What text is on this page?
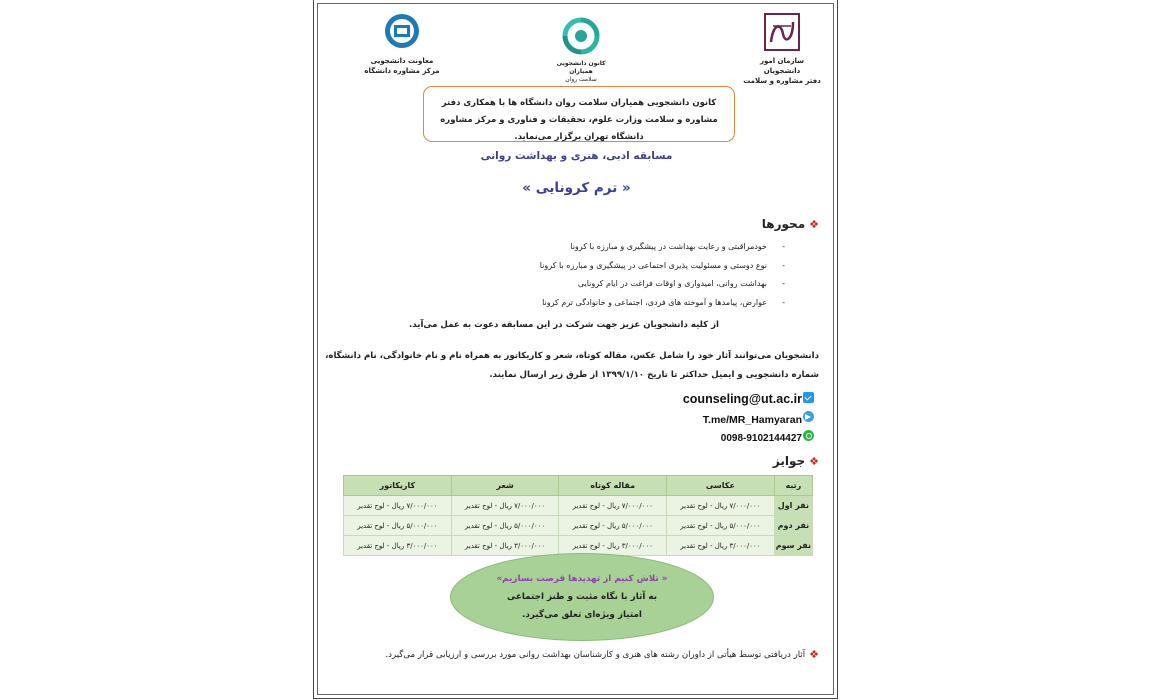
سازمان امور دانشجویان
دفتر مشاوره و سلامت
کانون دانشجویی همیاران
سلامت روان
معاونت دانشجویی
مرکز مشاوره دانشگاه
کانون دانشجویی همیاران سلامت روان دانشگاه ها با همکاری دفتر مشاوره و سلامت وزارت علوم، تحقیقات و فناوری و مرکز مشاوره دانشگاه تهران برگزار می‌نماید.
مسابقه ادبی، هنری و بهداشت روانی
« ترم کرونایی »
❖
محورها
-
خودمراقبتی و رعایت بهداشت در پیشگیری و مبارزه با کرونا
-
نوع دوستی و مسئولیت پذیری اجتماعی در پیشگیری و مبارزه با کرونا
-
بهداشت روانی، امیدواری و اوقات فراغت در ایام کرونایی
-
عوارض، پیامدها و آموخته های فردی، اجتماعی و خانوادگی ترم کرونا
از کلیه دانشجویان عزیز جهت شرکت در این مسابقه دعوت به عمل می‌آید.
دانشجویان می‌توانند آثار خود را شامل عکس، مقاله کوتاه، شعر و کاریکاتور به همراه نام و نام خانوادگی، نام دانشگاه، شماره دانشجویی و ایمیل حداکثر تا تاریخ ۱۳۹۹/۱/۱۰ از طرق زیر ارسال نمایند.
counseling@ut.ac.ir
T.me/MR_Hamyaran
0098-9102144427
❖
جوایز
رتبه	عکاسی	مقاله کوتاه	شعر	کاریکاتور
نفر اول	۷/۰۰۰/۰۰۰ ریال - لوح تقدیر	۷/۰۰۰/۰۰۰ ریال - لوح تقدیر	۷/۰۰۰/۰۰۰ ریال - لوح تقدیر	۷/۰۰۰/۰۰۰ ریال - لوح تقدیر
نفر دوم	۵/۰۰۰/۰۰۰ ریال - لوح تقدیر	۵/۰۰۰/۰۰۰ ریال - لوح تقدیر	۵/۰۰۰/۰۰۰ ریال - لوح تقدیر	۵/۰۰۰/۰۰۰ ریال - لوح تقدیر
نفر سوم	۳/۰۰۰/۰۰۰ ریال - لوح تقدیر	۳/۰۰۰/۰۰۰ ریال - لوح تقدیر	۳/۰۰۰/۰۰۰ ریال - لوح تقدیر	۳/۰۰۰/۰۰۰ ریال - لوح تقدیر
« تلاش کنیم از تهدیدها فرصت بسازیم»
به آثار با نگاه مثبت و طنز اجتماعی
امتیاز ویژه‌ای تعلق می‌گیرد.
❖
آثار دریافتی توسط هیأتی از داوران رشته های هنری و کارشناسان بهداشت روانی مورد بررسی و ارزیابی قرار می‌گیرد.
